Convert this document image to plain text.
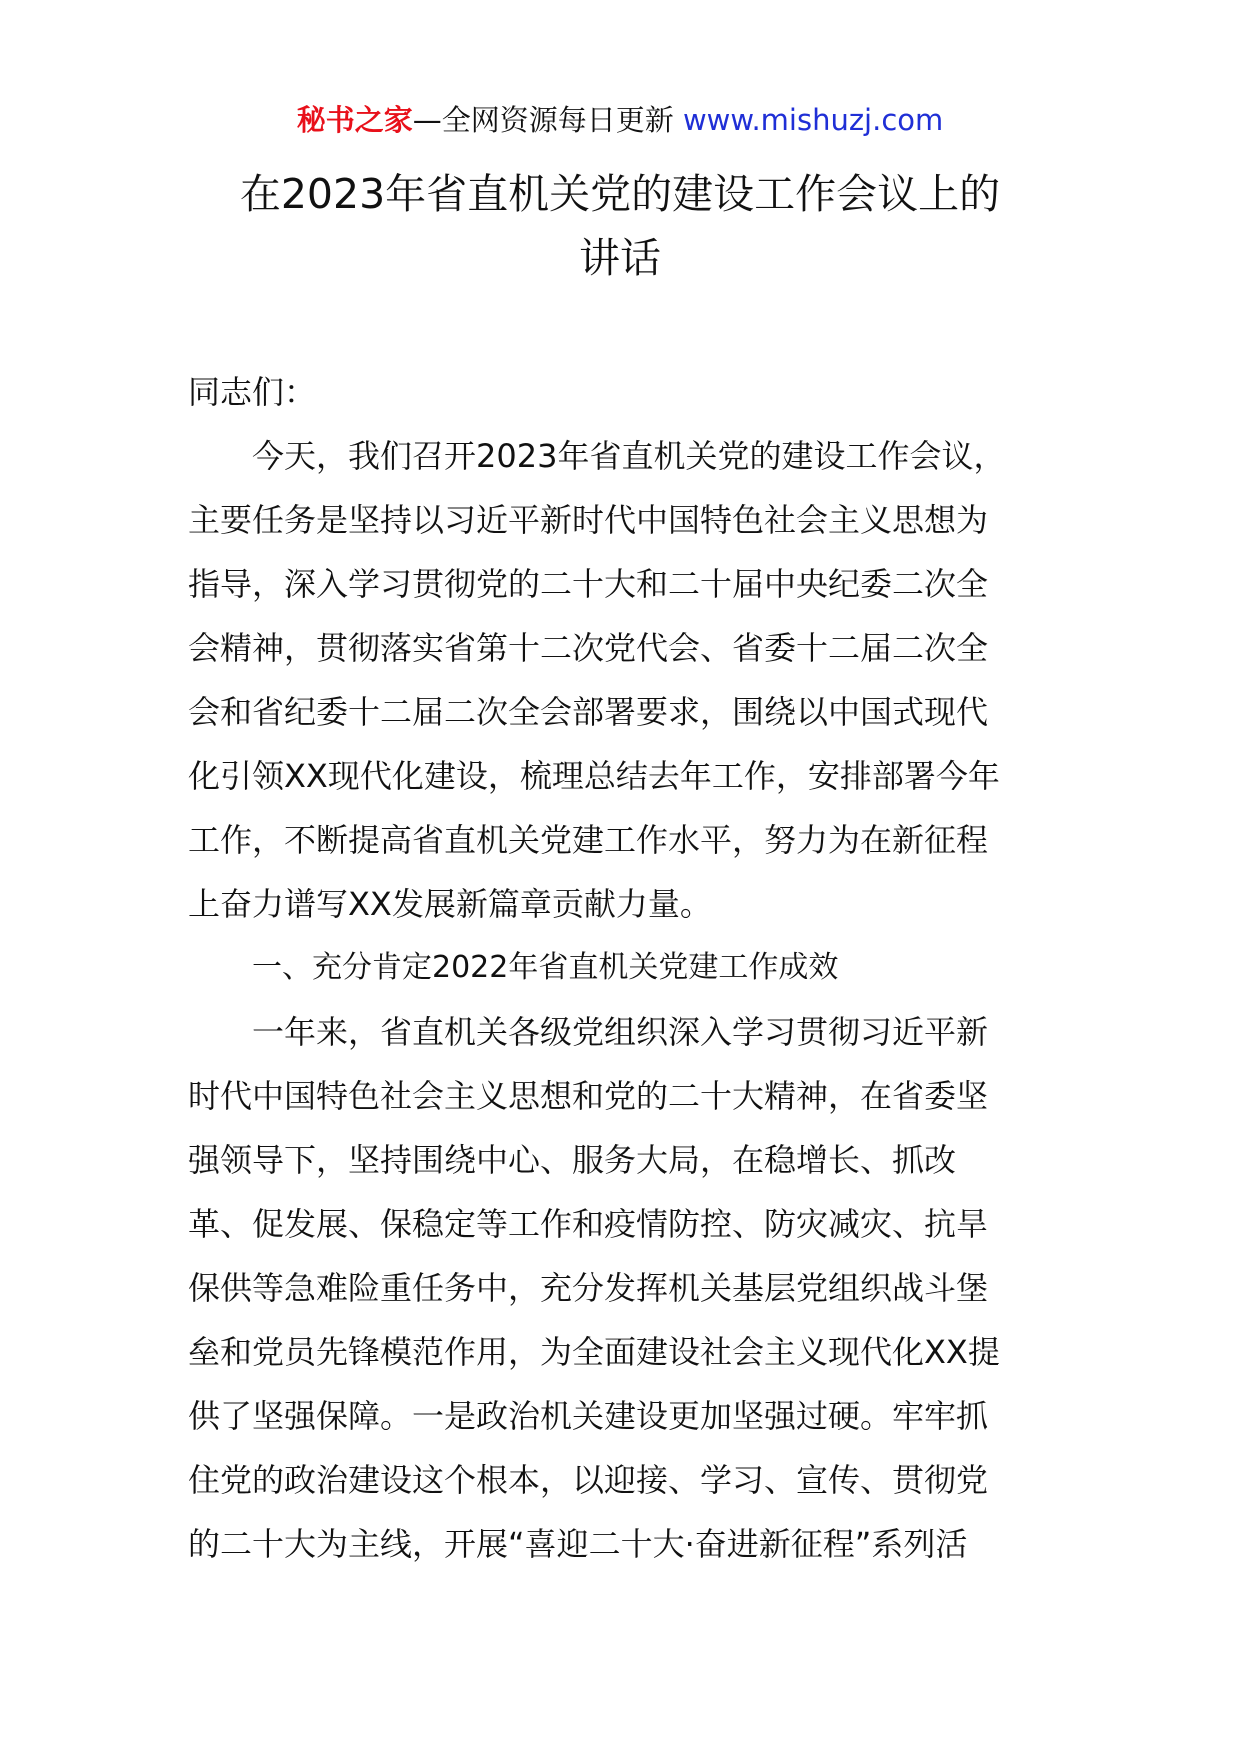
秘书之家—全网资源每日更新 www.mishuzj.com
在2023年省直机关党的建设工作会议上的
讲话
同志们：
今天，我们召开2023年省直机关党的建设工作会议，
主要任务是坚持以习近平新时代中国特色社会主义思想为
指导，深入学习贯彻党的二十大和二十届中央纪委二次全
会精神，贯彻落实省第十二次党代会、省委十二届二次全
会和省纪委十二届二次全会部署要求，围绕以中国式现代
化引领XX现代化建设，梳理总结去年工作，安排部署今年
工作，不断提高省直机关党建工作水平，努力为在新征程
上奋力谱写XX发展新篇章贡献力量。
一、充分肯定2022年省直机关党建工作成效
一年来，省直机关各级党组织深入学习贯彻习近平新
时代中国特色社会主义思想和党的二十大精神，在省委坚
强领导下，坚持围绕中心、服务大局，在稳增长、抓改
革、促发展、保稳定等工作和疫情防控、防灾减灾、抗旱
保供等急难险重任务中，充分发挥机关基层党组织战斗堡
垒和党员先锋模范作用，为全面建设社会主义现代化XX提
供了坚强保障。一是政治机关建设更加坚强过硬。牢牢抓
住党的政治建设这个根本，以迎接、学习、宣传、贯彻党
的二十大为主线，开展“喜迎二十大·奋进新征程”系列活
